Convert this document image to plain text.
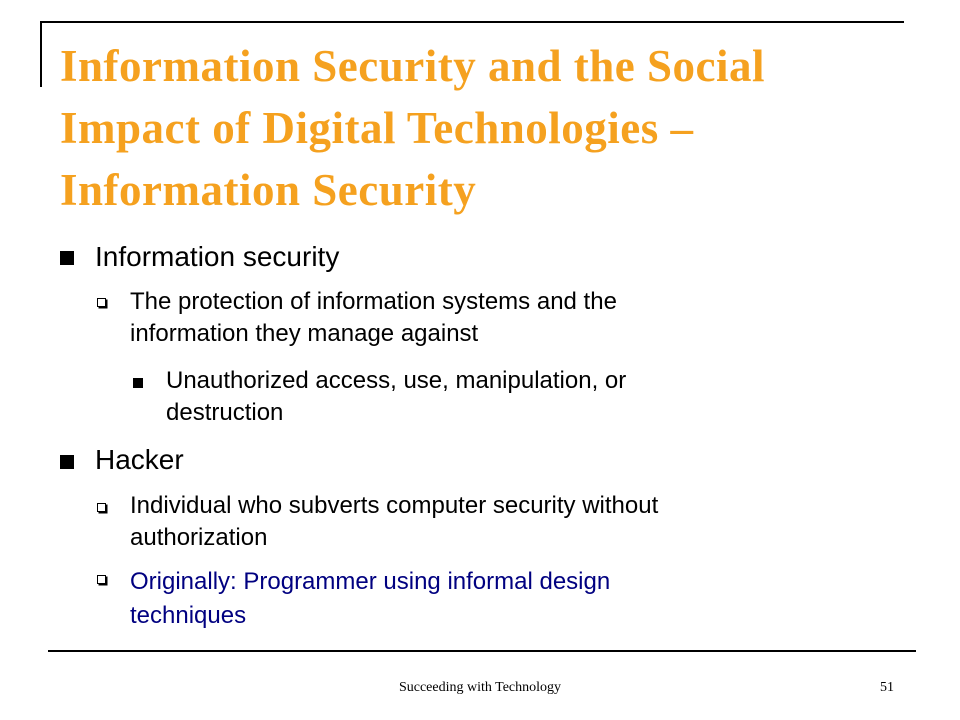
Information Security and the Social
Impact of Digital Technologies –
Information Security
Information security
The protection of information systems and the
information they manage against
Unauthorized access, use, manipulation, or
destruction
Hacker
Individual who subverts computer security without
authorization
Originally: Programmer using informal design
techniques
Succeeding with Technology	51
